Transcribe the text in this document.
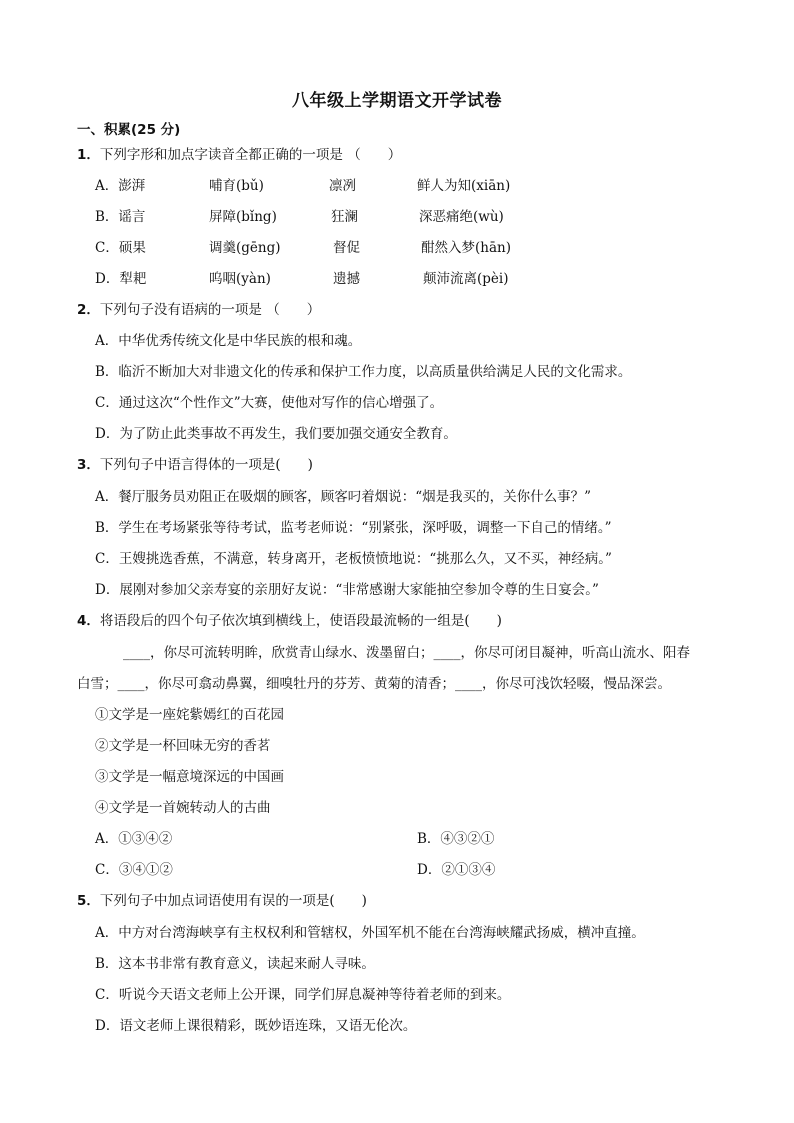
八年级上学期语文开学试卷
一、积累(25 分)
1．下列字形和加点字读音全都正确的一项是 （　　）
A．澎湃	哺育(bǔ)	凛冽	鲜人为知(xiān)
B．谣言	屏障(bǐng)	狂澜	深恶痛绝(wù)
C．硕果	调羹(gēng)	督促	酣然入梦(hān)
D．犁耙	呜咽(yàn)	遗撼	颠沛流离(pèi)
2．下列句子没有语病的一项是 （　　）
A．中华优秀传统文化是中华民族的根和魂。
B．临沂不断加大对非遗文化的传承和保护工作力度，以高质量供给满足人民的文化需求。
C．通过这次“个性作文”大赛，使他对写作的信心增强了。
D．为了防止此类事故不再发生，我们要加强交通安全教育。
3．下列句子中语言得体的一项是(　　)
A．餐厅服务员劝阻正在吸烟的顾客，顾客叼着烟说：“烟是我买的，关你什么事？”
B．学生在考场紧张等待考试，监考老师说：“别紧张，深呼吸，调整一下自己的情绪。”
C．王嫂挑选香蕉，不满意，转身离开，老板愤愤地说：“挑那么久，又不买，神经病。”
D．展刚对参加父亲寿宴的亲朋好友说：“非常感谢大家能抽空参加令尊的生日宴会。”
4．将语段后的四个句子依次填到横线上，使语段最流畅的一组是(　　)
____，你尽可流转明眸，欣赏青山绿水、泼墨留白；____，你尽可闭目凝神，听高山流水、阳春
白雪；____，你尽可翕动鼻翼，细嗅牡丹的芬芳、黄菊的清香；____，你尽可浅饮轻啜，慢品深尝。
①文学是一座姹紫嫣红的百花园
②文学是一杯回味无穷的香茗
③文学是一幅意境深远的中国画
④文学是一首婉转动人的古曲
A．①③④②	B．④③②①
C．③④①②	D．②①③④
5．下列句子中加点词语使用有误的一项是(　　)
A．中方对台湾海峡享有主权权利和管辖权，外国军机不能在台湾海峡耀武扬威，横冲直撞。
B．这本书非常有教育意义，读起来耐人寻味。
C．听说今天语文老师上公开课，同学们屏息凝神等待着老师的到来。
D．语文老师上课很精彩，既妙语连珠，又语无伦次。
